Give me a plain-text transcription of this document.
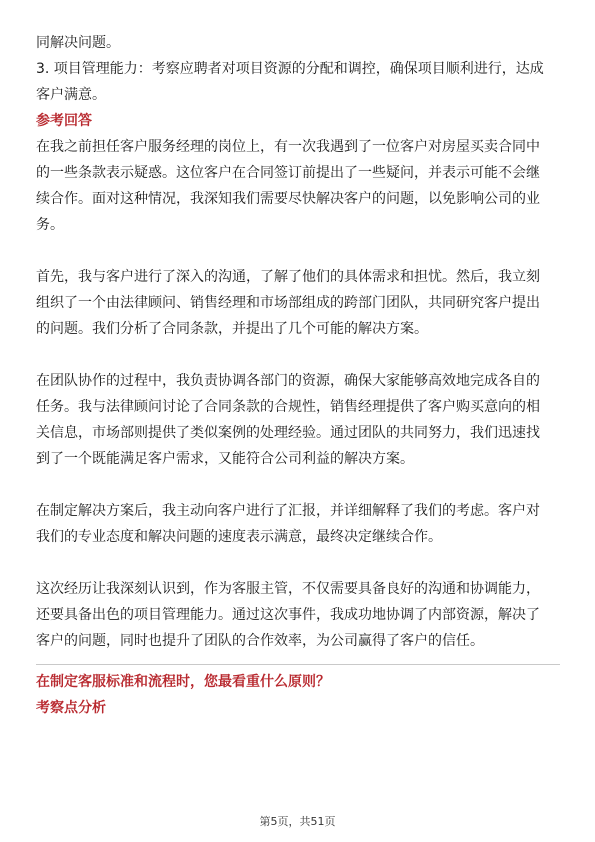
同解决问题。
3. 项目管理能力：考察应聘者对项目资源的分配和调控，确保项目顺利进行，达成
客户满意。
参考回答
在我之前担任客户服务经理的岗位上，有一次我遇到了一位客户对房屋买卖合同中
的一些条款表示疑惑。这位客户在合同签订前提出了一些疑问，并表示可能不会继
续合作。面对这种情况，我深知我们需要尽快解决客户的问题，以免影响公司的业
务。
首先，我与客户进行了深入的沟通，了解了他们的具体需求和担忧。然后，我立刻
组织了一个由法律顾问、销售经理和市场部组成的跨部门团队，共同研究客户提出
的问题。我们分析了合同条款，并提出了几个可能的解决方案。
在团队协作的过程中，我负责协调各部门的资源，确保大家能够高效地完成各自的
任务。我与法律顾问讨论了合同条款的合规性，销售经理提供了客户购买意向的相
关信息，市场部则提供了类似案例的处理经验。通过团队的共同努力，我们迅速找
到了一个既能满足客户需求，又能符合公司利益的解决方案。
在制定解决方案后，我主动向客户进行了汇报，并详细解释了我们的考虑。客户对
我们的专业态度和解决问题的速度表示满意，最终决定继续合作。
这次经历让我深刻认识到，作为客服主管，不仅需要具备良好的沟通和协调能力，
还要具备出色的项目管理能力。通过这次事件，我成功地协调了内部资源，解决了
客户的问题，同时也提升了团队的合作效率，为公司赢得了客户的信任。
在制定客服标准和流程时，您最看重什么原则？
考察点分析
第5页，共51页
